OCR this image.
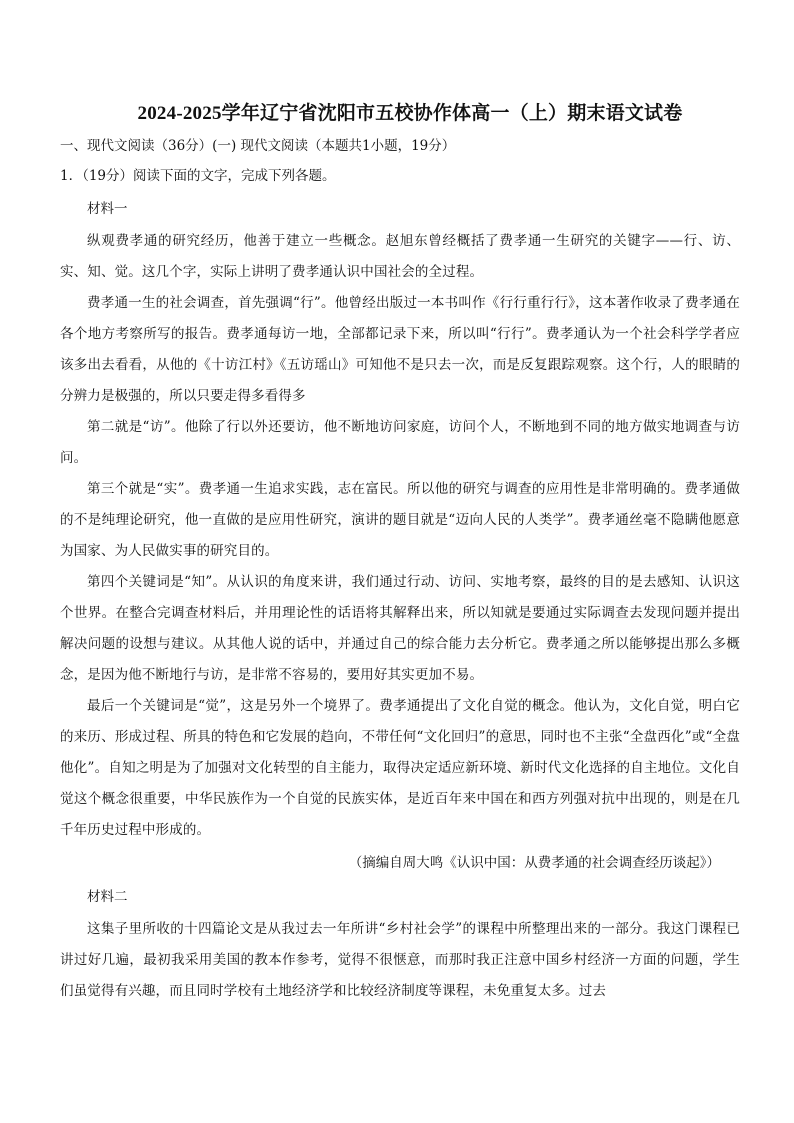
2024-2025学年辽宁省沈阳市五校协作体高一（上）期末语文试卷

一、现代文阅读（36分）(一) 现代文阅读（本题共1小题，19分）

1．（19分）阅读下面的文字，完成下列各题。

材料一

纵观费孝通的研究经历，他善于建立一些概念。赵旭东曾经概括了费孝通一生研究的关键字——行、访、实、知、觉。这几个字，实际上讲明了费孝通认识中国社会的全过程。

费孝通一生的社会调查，首先强调“行”。他曾经出版过一本书叫作《行行重行行》，这本著作收录了费孝通在各个地方考察所写的报告。费孝通每访一地，全部都记录下来，所以叫“行行”。费孝通认为一个社会科学学者应该多出去看看，从他的《十访江村》《五访瑶山》可知他不是只去一次，而是反复跟踪观察。这个行，人的眼睛的分辨力是极强的，所以只要走得多看得多

第二就是“访”。他除了行以外还要访，他不断地访问家庭，访问个人，不断地到不同的地方做实地调查与访问。

第三个就是“实”。费孝通一生追求实践，志在富民。所以他的研究与调查的应用性是非常明确的。费孝通做的不是纯理论研究，他一直做的是应用性研究，演讲的题目就是“迈向人民的人类学”。费孝通丝毫不隐瞒他愿意为国家、为人民做实事的研究目的。

第四个关键词是“知”。从认识的角度来讲，我们通过行动、访问、实地考察，最终的目的是去感知、认识这个世界。在整合完调查材料后，并用理论性的话语将其解释出来，所以知就是要通过实际调查去发现问题并提出解决问题的设想与建议。从其他人说的话中，并通过自己的综合能力去分析它。费孝通之所以能够提出那么多概念，是因为他不断地行与访，是非常不容易的，要用好其实更加不易。

最后一个关键词是“觉”，这是另外一个境界了。费孝通提出了文化自觉的概念。他认为，文化自觉，明白它的来历、形成过程、所具的特色和它发展的趋向，不带任何“文化回归”的意思，同时也不主张“全盘西化”或“全盘他化”。自知之明是为了加强对文化转型的自主能力，取得决定适应新环境、新时代文化选择的自主地位。文化自觉这个概念很重要，中华民族作为一个自觉的民族实体，是近百年来中国在和西方列强对抗中出现的，则是在几千年历史过程中形成的。

（摘编自周大鸣《认识中国：从费孝通的社会调查经历谈起》）

材料二

这集子里所收的十四篇论文是从我过去一年所讲“乡村社会学”的课程中所整理出来的一部分。我这门课程已讲过好几遍，最初我采用美国的教本作参考，觉得不很惬意，而那时我正注意中国乡村经济一方面的问题，学生们虽觉得有兴趣，而且同时学校有土地经济学和比较经济制度等课程，未免重复太多。过去
